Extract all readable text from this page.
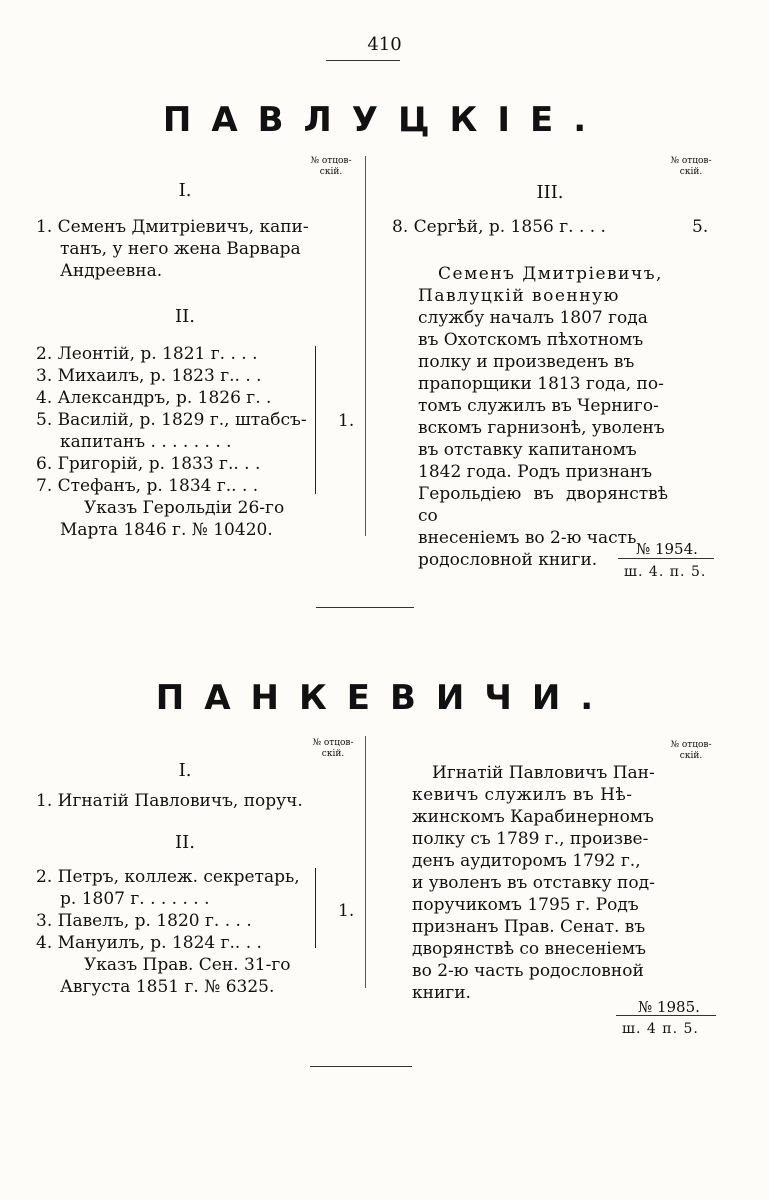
410
ПАВЛУЦКІЕ.
№ отцов-
скій.
I.
1. Семенъ Дмитріевичъ, капи-
танъ, у него жена Варвара
Андреевна.
II.
2. Леонтій, р. 1821 г. . . .
3. Михаилъ, р. 1823 г.. . .
4. Александръ, р. 1826 г. .
5. Василій, р. 1829 г., штабсъ-
капитанъ . . . . . . . .
6. Григорій, р. 1833 г.. . .
7. Стефанъ, р. 1834 г.. . .
Указъ Герольдіи 26-го
Марта 1846 г. № 10420.
1.
№ отцов-
скій.
III.
8. Сергѣй, р. 1856 г. . . .	5.
Семенъ Дмитріевичъ,
Павлуцкій военную
службу началъ 1807 года
въ Охотскомъ пѣхотномъ
полку и произведенъ въ
прапорщики 1813 года, по-
томъ служилъ въ Черниго-
вскомъ гарнизонѣ, уволенъ
въ отставку капитаномъ
1842 года. Родъ признанъ
Герольдіею въ дворянствѣ со
внесеніемъ во 2-ю часть
родословной книги.
№ 1954.
ш. 4. п. 5.
ПАНКЕВИЧИ.
№ отцов-
скій.
I.
1. Игнатій Павловичъ, поруч.
II.
2. Петръ, коллеж. секретарь,
р. 1807 г. . . . . . .
3. Павелъ, р. 1820 г. . . .
4. Мануилъ, р. 1824 г.. . .
Указъ Прав. Сен. 31-го
Августа 1851 г. № 6325.
1.
№ отцов-
скій.
Игнатій Павловичъ Пан-
кевичъ служилъ въ Нѣ-
жинскомъ Карабинерномъ
полку съ 1789 г., произве-
денъ аудиторомъ 1792 г.,
и уволенъ въ отставку под-
поручикомъ 1795 г. Родъ
признанъ Прав. Сенат. въ
дворянствѣ со внесеніемъ
во 2-ю часть родословной
книги.
№ 1985.
ш. 4 п. 5.
